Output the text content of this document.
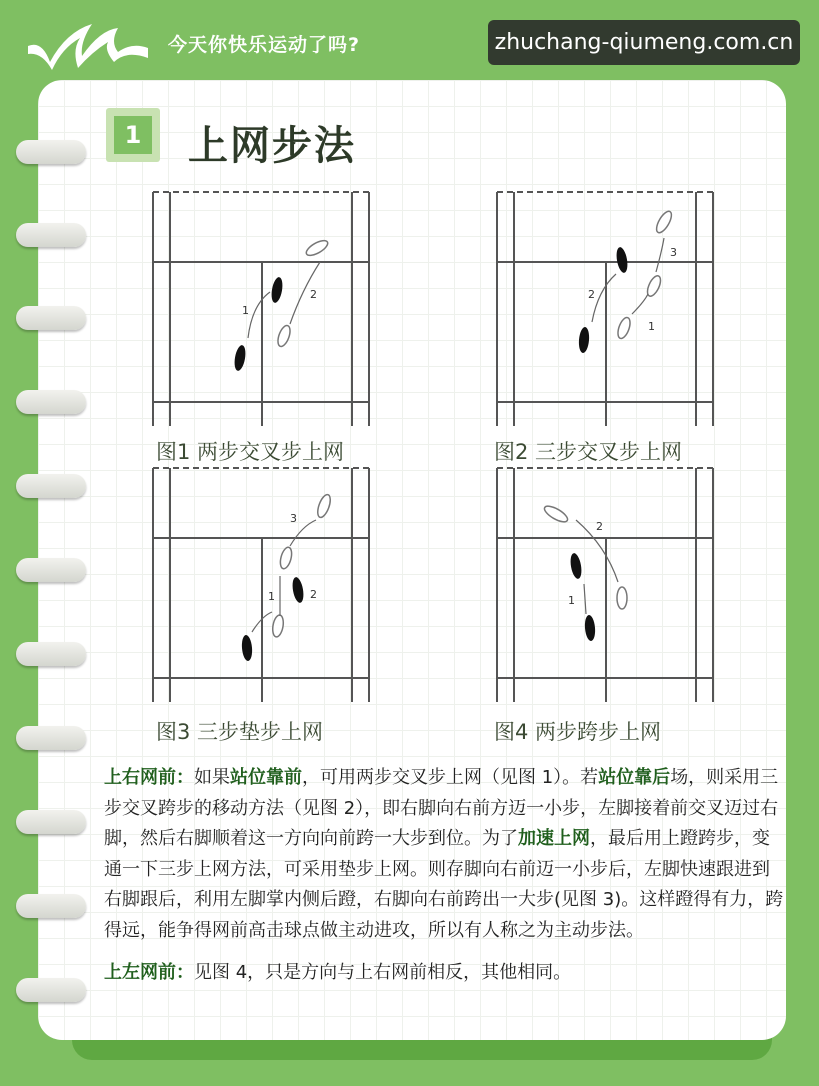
今天你快乐运动了吗?	zhuchang-qiumeng.com.cn
1 上网步法
1
2
图1 两步交叉步上网
2
1
3
图2 三步交叉步上网
1	2
3
图3 三步垫步上网
1
2
图4 两步跨步上网
上右网前：如果站位靠前，可用两步交叉步上网（见图 1）。若站位靠后场，则采用三步交叉跨步的移动方法（见图 2），即右脚向右前方迈一小步，左脚接着前交叉迈过右脚，然后右脚顺着这一方向向前跨一大步到位。为了加速上网，最后用上蹬跨步，变通一下三步上网方法，可采用垫步上网。则存脚向右前迈一小步后，左脚快速跟进到右脚跟后，利用左脚掌内侧后蹬，右脚向右前跨出一大步(见图 3)。这样蹬得有力，跨得远，能争得网前高击球点做主动进攻，所以有人称之为主动步法。
上左网前：见图 4，只是方向与上右网前相反，其他相同。
